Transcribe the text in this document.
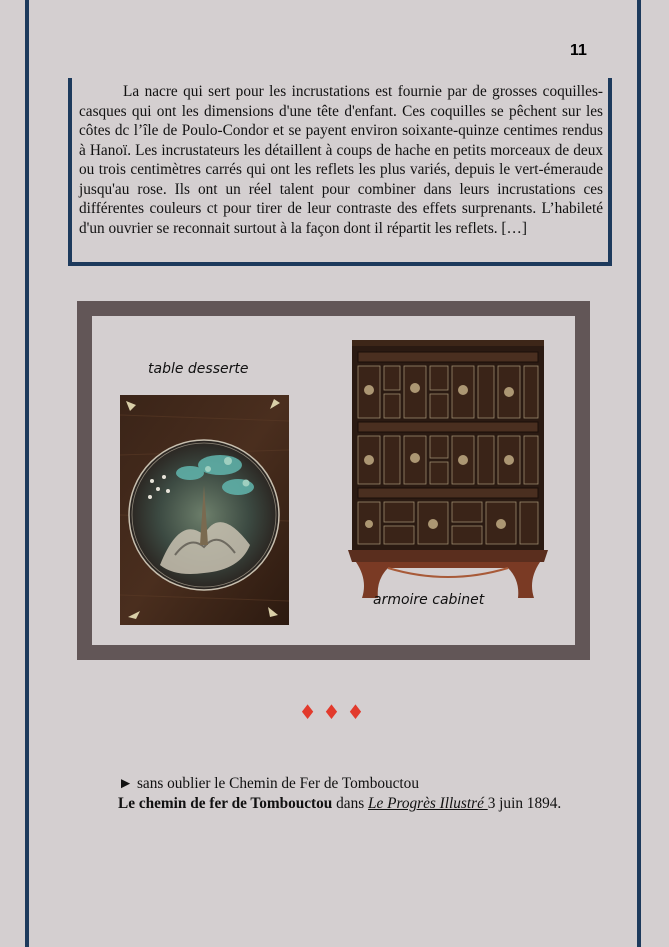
11

La nacre qui sert pour les incrustations est fournie par de grosses coquilles-casques qui ont les dimensions d'une tête d'enfant. Ces coquilles se pêchent sur les côtes dc l’île de Poulo-Condor et se payent environ soixante-quinze centimes rendus à Hanoï. Les incrustateurs les détaillent à coups de hache en petits morceaux de deux ou trois centimètres carrés qui ont les reflets les plus variés, depuis le vert-émeraude jusqu'au rose. Ils ont un réel talent pour combiner dans leurs incrustations ces différentes couleurs ct pour tirer de leur contraste des effets surprenants. L’habileté d'un ouvrier se reconnait surtout à la façon dont il répartit les reflets. […]

table desserte
armoire cabinet
♦♦♦
► sans oublier le Chemin de Fer de Tombouctou
Le chemin de fer de Tombouctou dans Le Progrès Illustré 3 juin 1894.
